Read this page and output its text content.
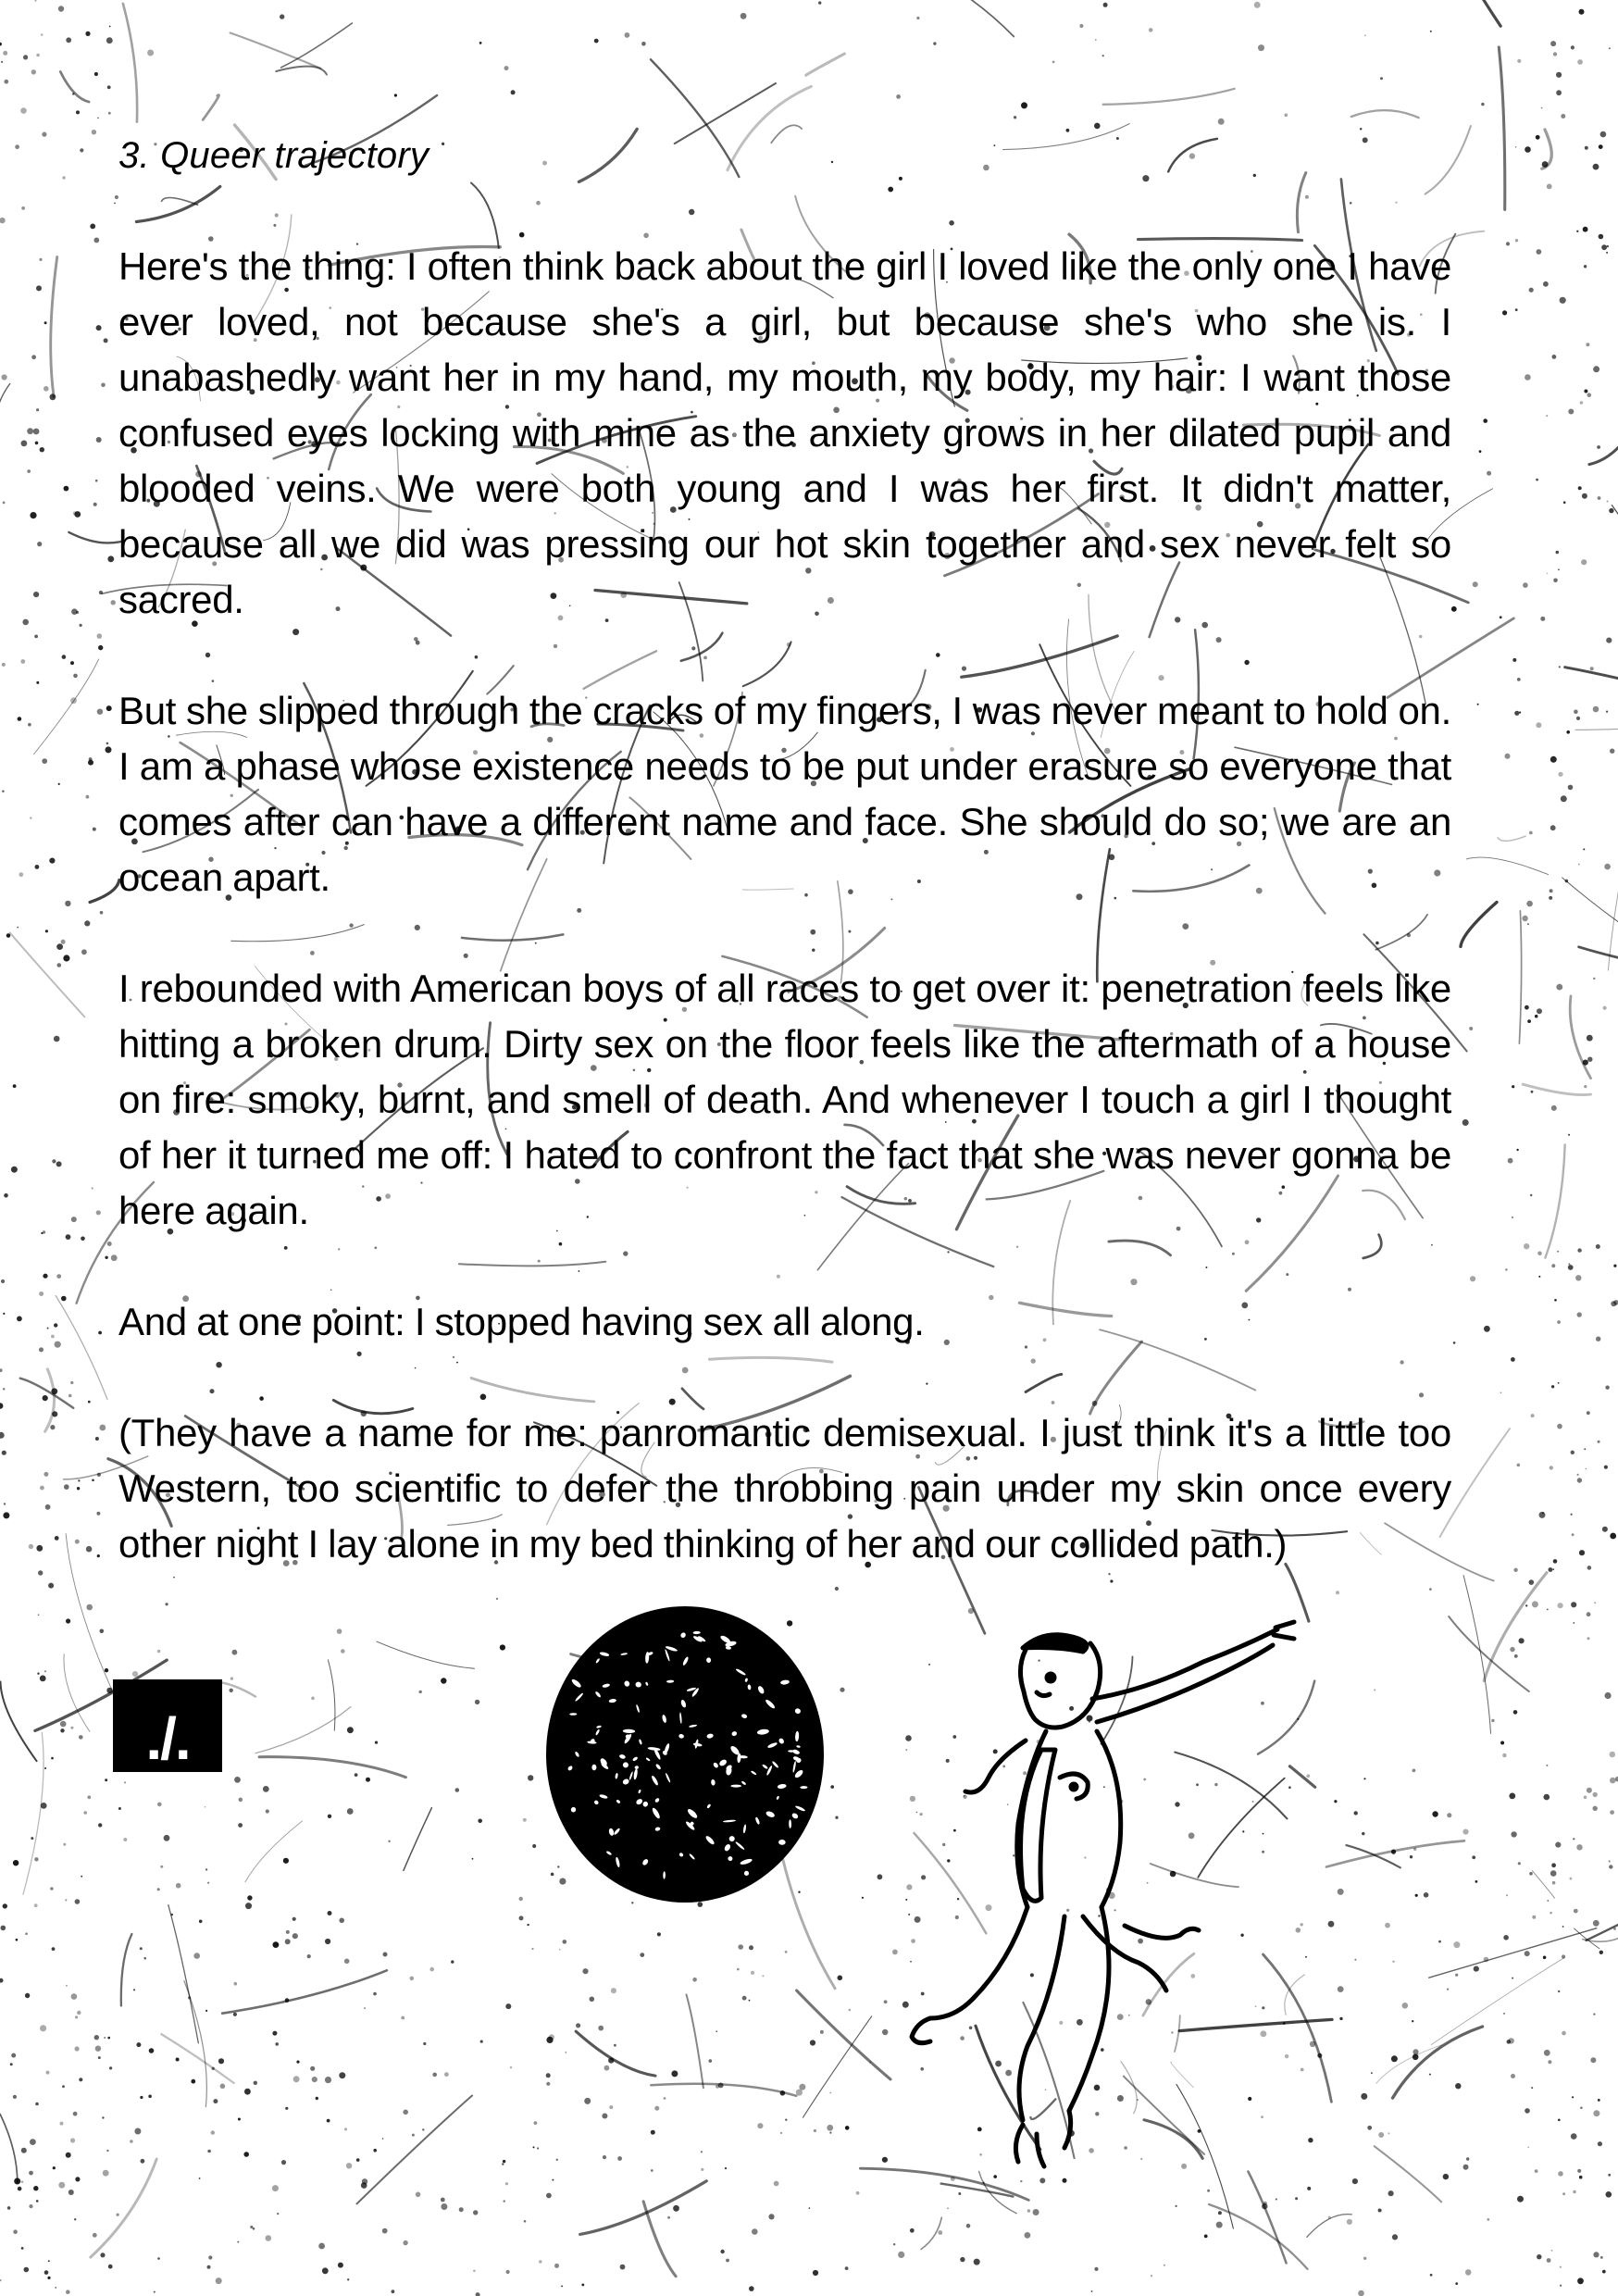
3. Queer trajectory

Here's the thing: I often think back about the girl I loved like the only one I have ever loved, not because she's a girl, but because she's who she is. I unabashedly want her in my hand, my mouth, my body, my hair: I want those confused eyes locking with mine as the anxiety grows in her dilated pupil and blooded veins. We were both young and I was her first. It didn't matter, because all we did was pressing our hot skin together and sex never felt so sacred.

But she slipped through the cracks of my fingers, I was never meant to hold on. I am a phase whose existence needs to be put under erasure so everyone that comes after can have a different name and face. She should do so; we are an ocean apart.

I rebounded with American boys of all races to get over it: penetration feels like hitting a broken drum. Dirty sex on the floor feels like the aftermath of a house on fire: smoky, burnt, and smell of death. And whenever I touch a girl I thought of her it turned me off: I hated to confront the fact that she was never gonna be here again.

And at one point: I stopped having sex all along.

(They have a name for me: panromantic demisexual. I just think it's a little too Western, too scientific to defer the throbbing pain under my skin once every other night I lay alone in my bed thinking of her and our collided path.)

./.
